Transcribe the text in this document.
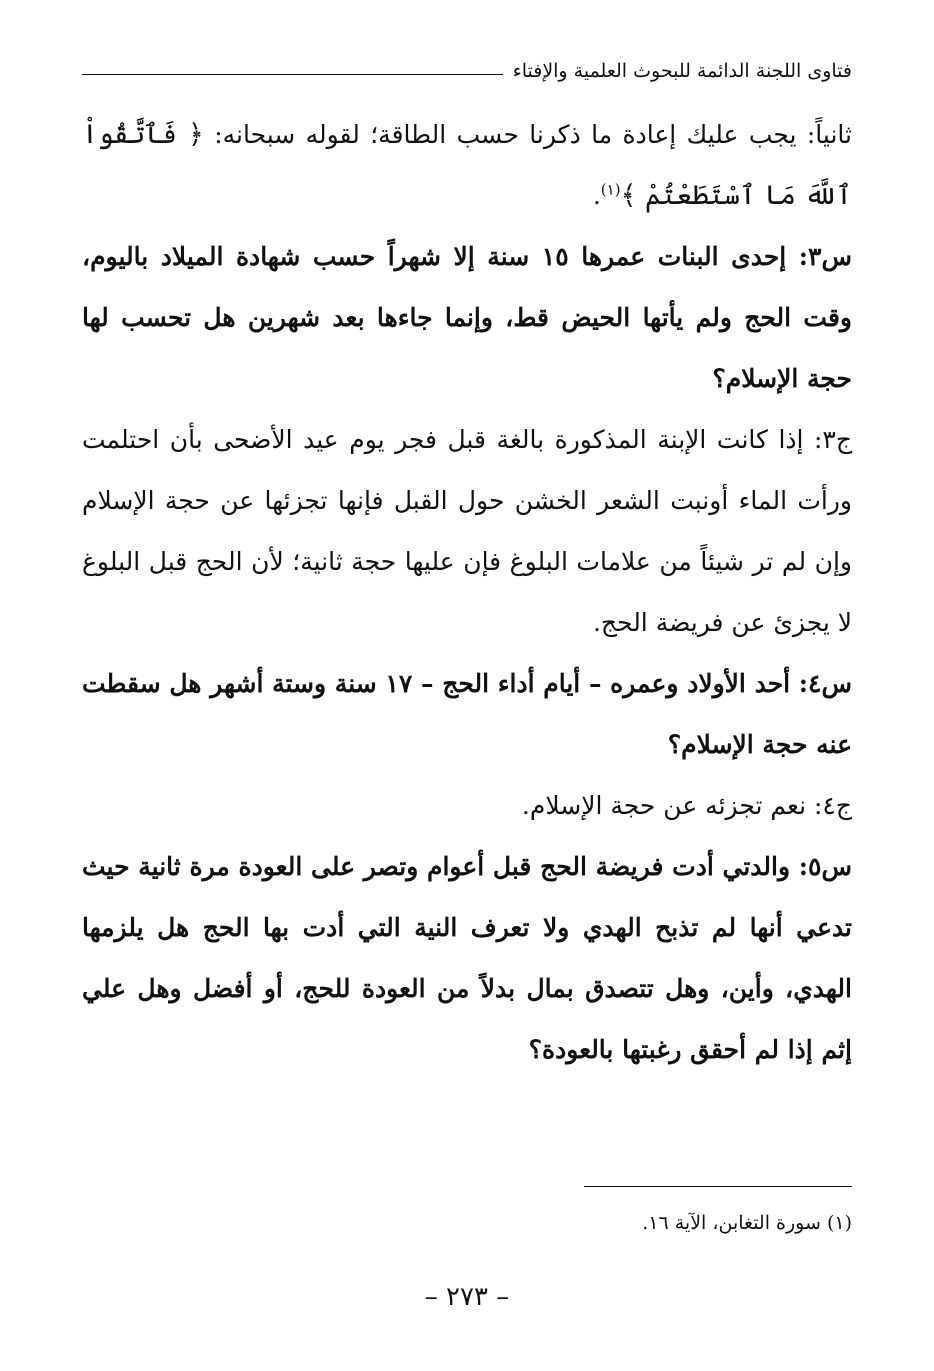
فتاوى اللجنة الدائمة للبحوث العلمية والإفتاء

ثانياً: يجب عليك إعادة ما ذكرنا حسب الطاقة؛ لقوله سبحانه: ﴿ فَٱتَّقُواْ ٱللَّهَ مَا ٱسْتَطَعْتُمْ ﴾$^{(١)}$.

س٣: إحدى البنات عمرها ١٥ سنة إلا شهراً حسب شهادة الميلاد باليوم، وقت الحج ولم يأتها الحيض قط، وإنما جاءها بعد شهرين هل تحسب لها حجة الإسلام؟

ج٣: إذا كانت الإبنة المذكورة بالغة قبل فجر يوم عيد الأضحى بأن احتلمت ورأت الماء أونبت الشعر الخشن حول القبل فإنها تجزئها عن حجة الإسلام وإن لم تر شيئاً من علامات البلوغ فإن عليها حجة ثانية؛ لأن الحج قبل البلوغ لا يجزئ عن فريضة الحج.

س٤: أحد الأولاد وعمره – أيام أداء الحج – ١٧ سنة وستة أشهر هل سقطت عنه حجة الإسلام؟

ج٤: نعم تجزئه عن حجة الإسلام.

س٥: والدتي أدت فريضة الحج قبل أعوام وتصر على العودة مرة ثانية حيث تدعي أنها لم تذبح الهدي ولا تعرف النية التي أدت بها الحج هل يلزمها الهدي، وأين، وهل تتصدق بمال بدلاً من العودة للحج، أو أفضل وهل علي إثم إذا لم أحقق رغبتها بالعودة؟

(١) سورة التغابن، الآية ١٦.
– ٢٧٣ –
